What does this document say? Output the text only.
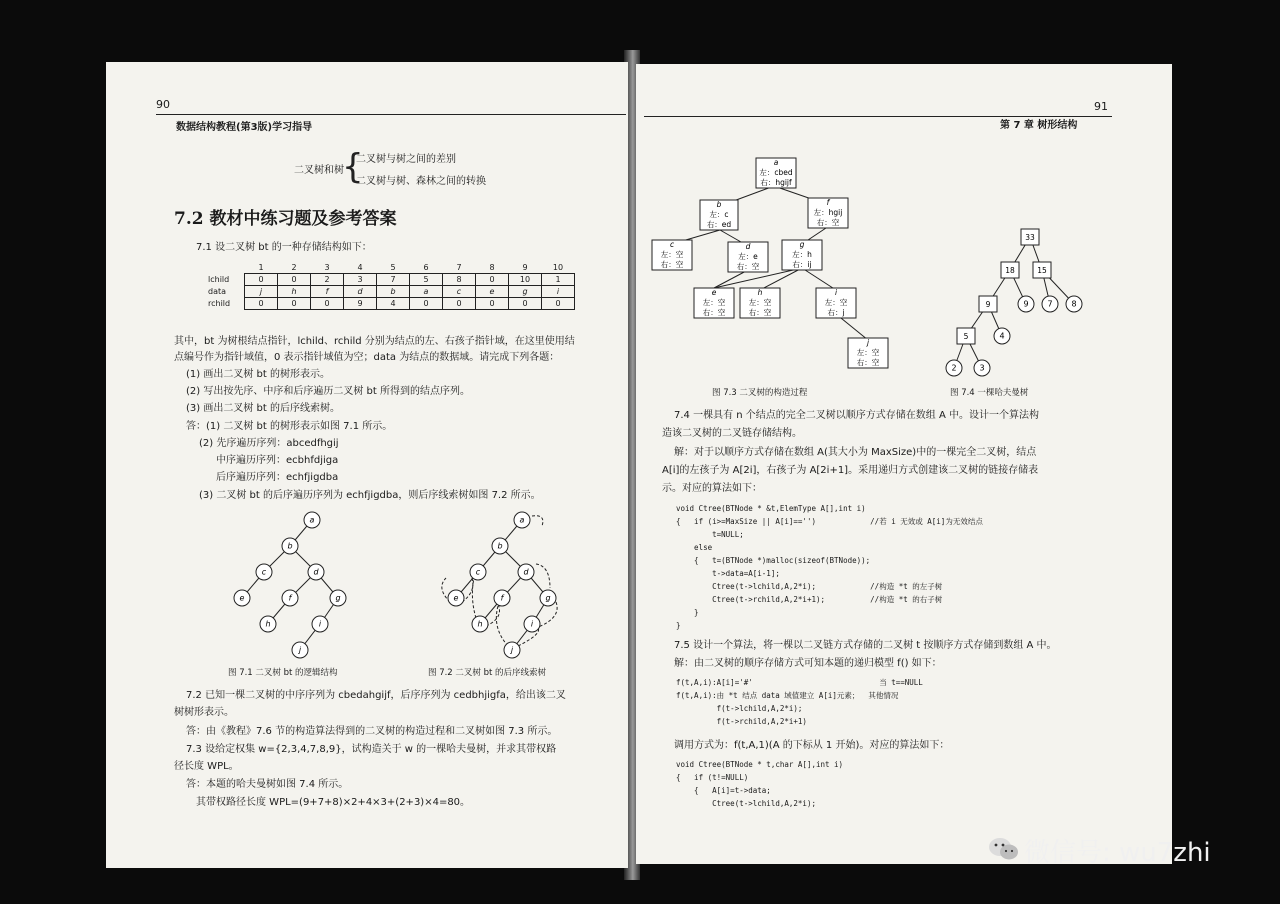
90
数据结构教程(第3版)学习指导
二叉树和树
{
二叉树与树之间的差别
二叉树与树、森林之间的转换
7.2 教材中练习题及参考答案
7.1 设二叉树 bt 的一种存储结构如下：
	1	2	3	4	5	6	7	8	9	10
lchild	0	0	2	3	7	5	8	0	10	1
data	j	h	f	d	b	a	c	e	g	i
rchild	0	0	0	9	4	0	0	0	0	0
其中，bt 为树根结点指针，lchild、rchild 分别为结点的左、右孩子指针域，在这里使用结
点编号作为指针域值，0 表示指针域值为空；data 为结点的数据域。请完成下列各题：
(1) 画出二叉树 bt 的树形表示。
(2) 写出按先序、中序和后序遍历二叉树 bt 所得到的结点序列。
(3) 画出二叉树 bt 的后序线索树。
答：(1) 二叉树 bt 的树形表示如图 7.1 所示。
(2) 先序遍历序列：abcedfhgij
中序遍历序列：ecbhfdjiga
后序遍历序列：echfjigdba
(3) 二叉树 bt 的后序遍历序列为 echfjigdba，则后序线索树如图 7.2 所示。
a
b
c	d
e	f	g
h	i
j
a
b
c	d
e	f	g
h	i
j
图 7.1 二叉树 bt 的逻辑结构	图 7.2 二叉树 bt 的后序线索树
7.2 已知一棵二叉树的中序序列为 cbedahgijf，后序序列为 cedbhjigfa，给出该二叉
树树形表示。
答：由《教程》7.6 节的构造算法得到的二叉树的构造过程和二叉树如图 7.3 所示。
7.3 设给定权集 w={2,3,4,7,8,9}，试构造关于 w 的一棵哈夫曼树，并求其带权路
径长度 WPL。
答：本题的哈夫曼树如图 7.4 所示。
其带权路径长度 WPL=(9+7+8)×2+4×3+(2+3)×4=80。
第 7 章 树形结构
91
a
左：cbed
右：hgijf
b
左：c
右：ed
f
左：hgij
右：空
c
左：空
右：空
d
左：e
右：空
g
左：h
右：ij
e
左：空
右：空
h
左：空
右：空
i
左：空
右：j
j
左：空
右：空
33
18	15
9	9 7 8
5	4
2	3
图 7.3 二叉树的构造过程	图 7.4 一棵哈夫曼树
7.4 一棵具有 n 个结点的完全二叉树以顺序方式存储在数组 A 中。设计一个算法构
造该二叉树的二叉链存储结构。
解：对于以顺序方式存储在数组 A(其大小为 MaxSize)中的一棵完全二叉树，结点
A[i]的左孩子为 A[2i]，右孩子为 A[2i+1]。采用递归方式创建该二叉树的链接存储表
示。对应的算法如下：
void Ctree(BTNode * &t,ElemType A[],int i)
{   if (i>=MaxSize || A[i]=='')            //若 i 无效或 A[i]为无效结点
t=NULL;
else
{   t=(BTNode *)malloc(sizeof(BTNode));
t->data=A[i-1];
Ctree(t->lchild,A,2*i);            //构造 *t 的左子树
Ctree(t->rchild,A,2*i+1);          //构造 *t 的右子树
}
}
7.5 设计一个算法，将一棵以二叉链方式存储的二叉树 t 按顺序方式存储到数组 A 中。
解：由二叉树的顺序存储方式可知本题的递归模型 f() 如下：
f(t,A,i):A[i]='#'                            当 t==NULL
f(t,A,i):由 *t 结点 data 域值建立 A[i]元素；  其他情况
f(t->lchild,A,2*i);
f(t->rchild,A,2*i+1)
调用方式为：f(t,A,1)(A 的下标从 1 开始)。对应的算法如下：
void Ctree(BTNode * t,char A[],int i)
{   if (t!=NULL)
{   A[i]=t->data;
Ctree(t->lchild,A,2*i);
微信号: wu7zhi
